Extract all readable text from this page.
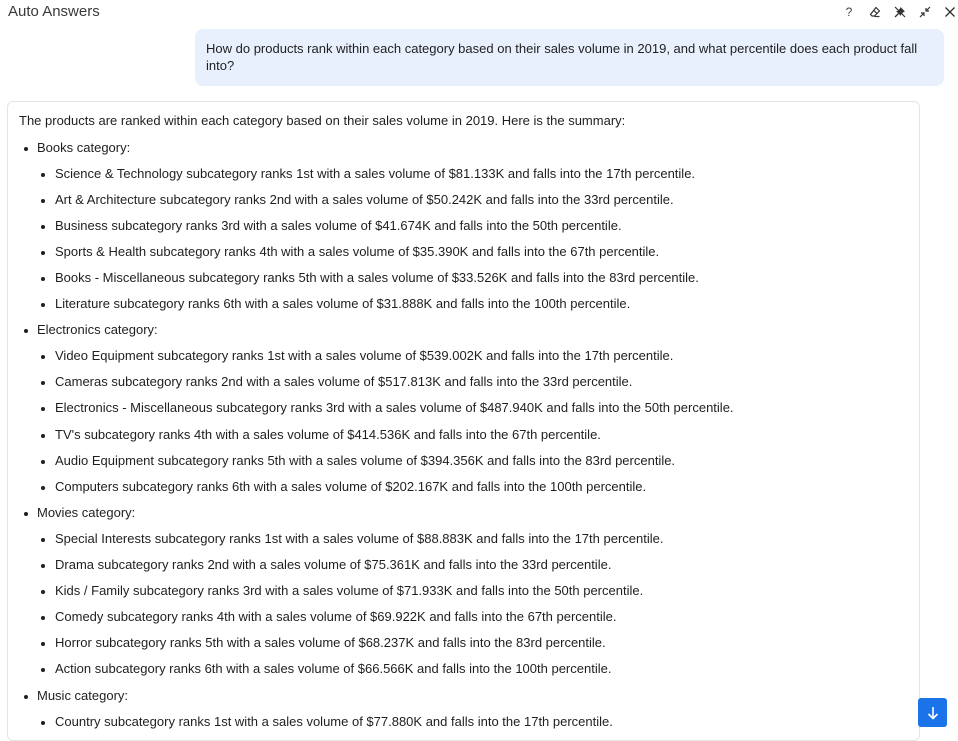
Auto Answers	?
How do products rank within each category based on their sales volume in 2019, and what percentile does each product fall into?
The products are ranked within each category based on their sales volume in 2019. Here is the summary:
Books category:
Science & Technology subcategory ranks 1st with a sales volume of $81.133K and falls into the 17th percentile.
Art & Architecture subcategory ranks 2nd with a sales volume of $50.242K and falls into the 33rd percentile.
Business subcategory ranks 3rd with a sales volume of $41.674K and falls into the 50th percentile.
Sports & Health subcategory ranks 4th with a sales volume of $35.390K and falls into the 67th percentile.
Books - Miscellaneous subcategory ranks 5th with a sales volume of $33.526K and falls into the 83rd percentile.
Literature subcategory ranks 6th with a sales volume of $31.888K and falls into the 100th percentile.
Electronics category:
Video Equipment subcategory ranks 1st with a sales volume of $539.002K and falls into the 17th percentile.
Cameras subcategory ranks 2nd with a sales volume of $517.813K and falls into the 33rd percentile.
Electronics - Miscellaneous subcategory ranks 3rd with a sales volume of $487.940K and falls into the 50th percentile.
TV's subcategory ranks 4th with a sales volume of $414.536K and falls into the 67th percentile.
Audio Equipment subcategory ranks 5th with a sales volume of $394.356K and falls into the 83rd percentile.
Computers subcategory ranks 6th with a sales volume of $202.167K and falls into the 100th percentile.
Movies category:
Special Interests subcategory ranks 1st with a sales volume of $88.883K and falls into the 17th percentile.
Drama subcategory ranks 2nd with a sales volume of $75.361K and falls into the 33rd percentile.
Kids / Family subcategory ranks 3rd with a sales volume of $71.933K and falls into the 50th percentile.
Comedy subcategory ranks 4th with a sales volume of $69.922K and falls into the 67th percentile.
Horror subcategory ranks 5th with a sales volume of $68.237K and falls into the 83rd percentile.
Action subcategory ranks 6th with a sales volume of $66.566K and falls into the 100th percentile.
Music category:
Country subcategory ranks 1st with a sales volume of $77.880K and falls into the 17th percentile.
